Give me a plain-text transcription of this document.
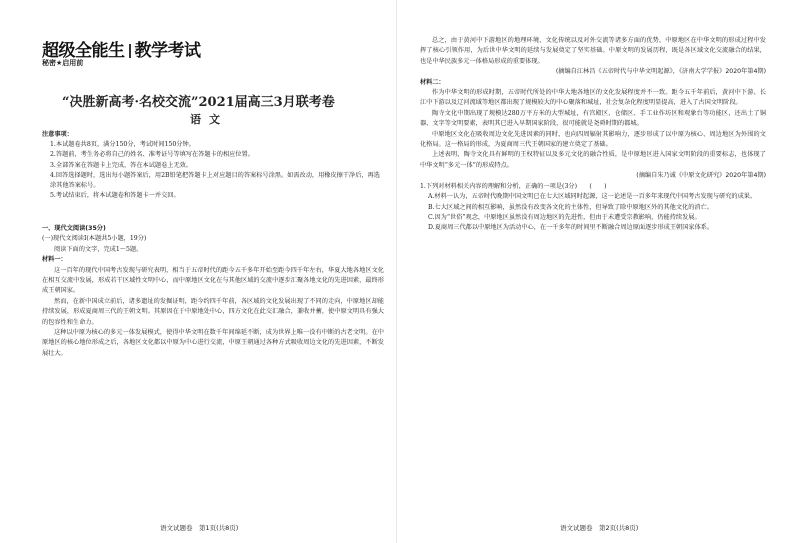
超级全能生 教学考试
秘密★启用前
“决胜新高考·名校交流”2021届高三3月联考卷
语文

注意事项：

1.本试题卷共8页，满分150分，考试时间150分钟。

2.答题前，考生务必将自己的姓名、准考证号等填写在答题卡的相应位置。

3.全部答案在答题卡上完成，答在本试题卷上无效。

4.回答选择题时，选出每小题答案后，用2B铅笔把答题卡上对应题目的答案标号涂黑。如需改动，用橡皮擦干净后，再选涂其他答案标号。

5.考试结束后，将本试题卷和答题卡一并交回。

一、现代文阅读(35分)

(一)现代文阅读Ⅰ(本题共5小题，19分)

阅读下面的文字，完成1～5题。

材料一：

这一百年的现代中国考古发现与研究表明，相当于五帝时代的距今五千多年开始至距今四千年左右，华夏大地各地区文化在相互交流中发展，形成若干区域性文明中心，而中原地区文化在与其他区域的交流中逐步汇聚各地文化的先进因素，最终形成王朝国家。

然而，在新中国成立前后，诸多遗址的发掘证明，距今约四千年前，各区域的文化发展出现了不同的走向，中原地区却能持续发展，形成夏商周三代的王朝文明。其原因在于中原地处中心，四方文化在此交汇融合，兼收并蓄，使中原文明具有强大的包容性和生命力。

这种以中原为核心的多元一体发展模式，使得中华文明在数千年间绵延不断，成为世界上唯一没有中断的古老文明。在中原地区的核心地位形成之后，各地区文化都以中原为中心进行交流，中原王朝通过各种方式吸收周边文化的先进因素，不断发展壮大。

语文试题卷　第1页(共8页)

总之，由于黄河中下游地区的地理环境、文化传统以及对外交流等诸多方面的优势，中原地区在中华文明的形成过程中发挥了核心引领作用，为后世中华文明的延续与发展奠定了坚实基础。中原文明的发展历程，既是各区域文化交流融合的结果，也是中华民族多元一体格局形成的重要体现。

(摘编自江林昌《五帝时代与中华文明起源》，《济南大学学报》2020年第4期)

材料二：

作为中华文明的形成时期，五帝时代所处的中华大地各地区的文化发展程度并不一致。距今五千年前后，黄河中下游、长江中下游以及辽河流域等地区都出现了规模较大的中心聚落和城址，社会复杂化程度明显提高，进入了古国文明阶段。

陶寺文化中期出现了规模达280万平方米的大型城址，有宫殿区、仓储区、手工业作坊区和观象台等功能区，还出土了铜器、文字等文明要素，表明其已进入早期国家阶段，很可能就是尧舜时期的都城。

中原地区文化在吸收周边文化先进因素的同时，也向四周辐射其影响力，逐步形成了以中原为核心、周边地区为外围的文化格局。这一格局的形成，为夏商周三代王朝国家的建立奠定了基础。

上述表明，陶寺文化具有鲜明的王权特征以及多元文化的融合性质，是中原地区进入国家文明阶段的重要标志，也体现了中华文明“多元一体”的形成特点。

(摘编自朱乃诚《中原文化研究》2020年第4期)

1.下列对材料相关内容的理解和分析，正确的一项是(3分)　　(　　)

A.材料一认为，五帝时代晚期中国文明已在七大区域同时起源，这一论述是一百多年来现代中国考古发现与研究的成果。

B.七大区域之间的相互影响，虽然没有改变各文化的主体性，但导致了除中原地区外的其他文化的消亡。

C.因为“世俗”观念，中原地区虽然没有周边地区的先进性，但由于未遭受宗教影响，仍能持续发展。

D.夏商周三代都以中原地区为活动中心，在一千多年的时间里不断融合周边原面逐步形成王朝国家体系。

语文试题卷　第2页(共8页)
